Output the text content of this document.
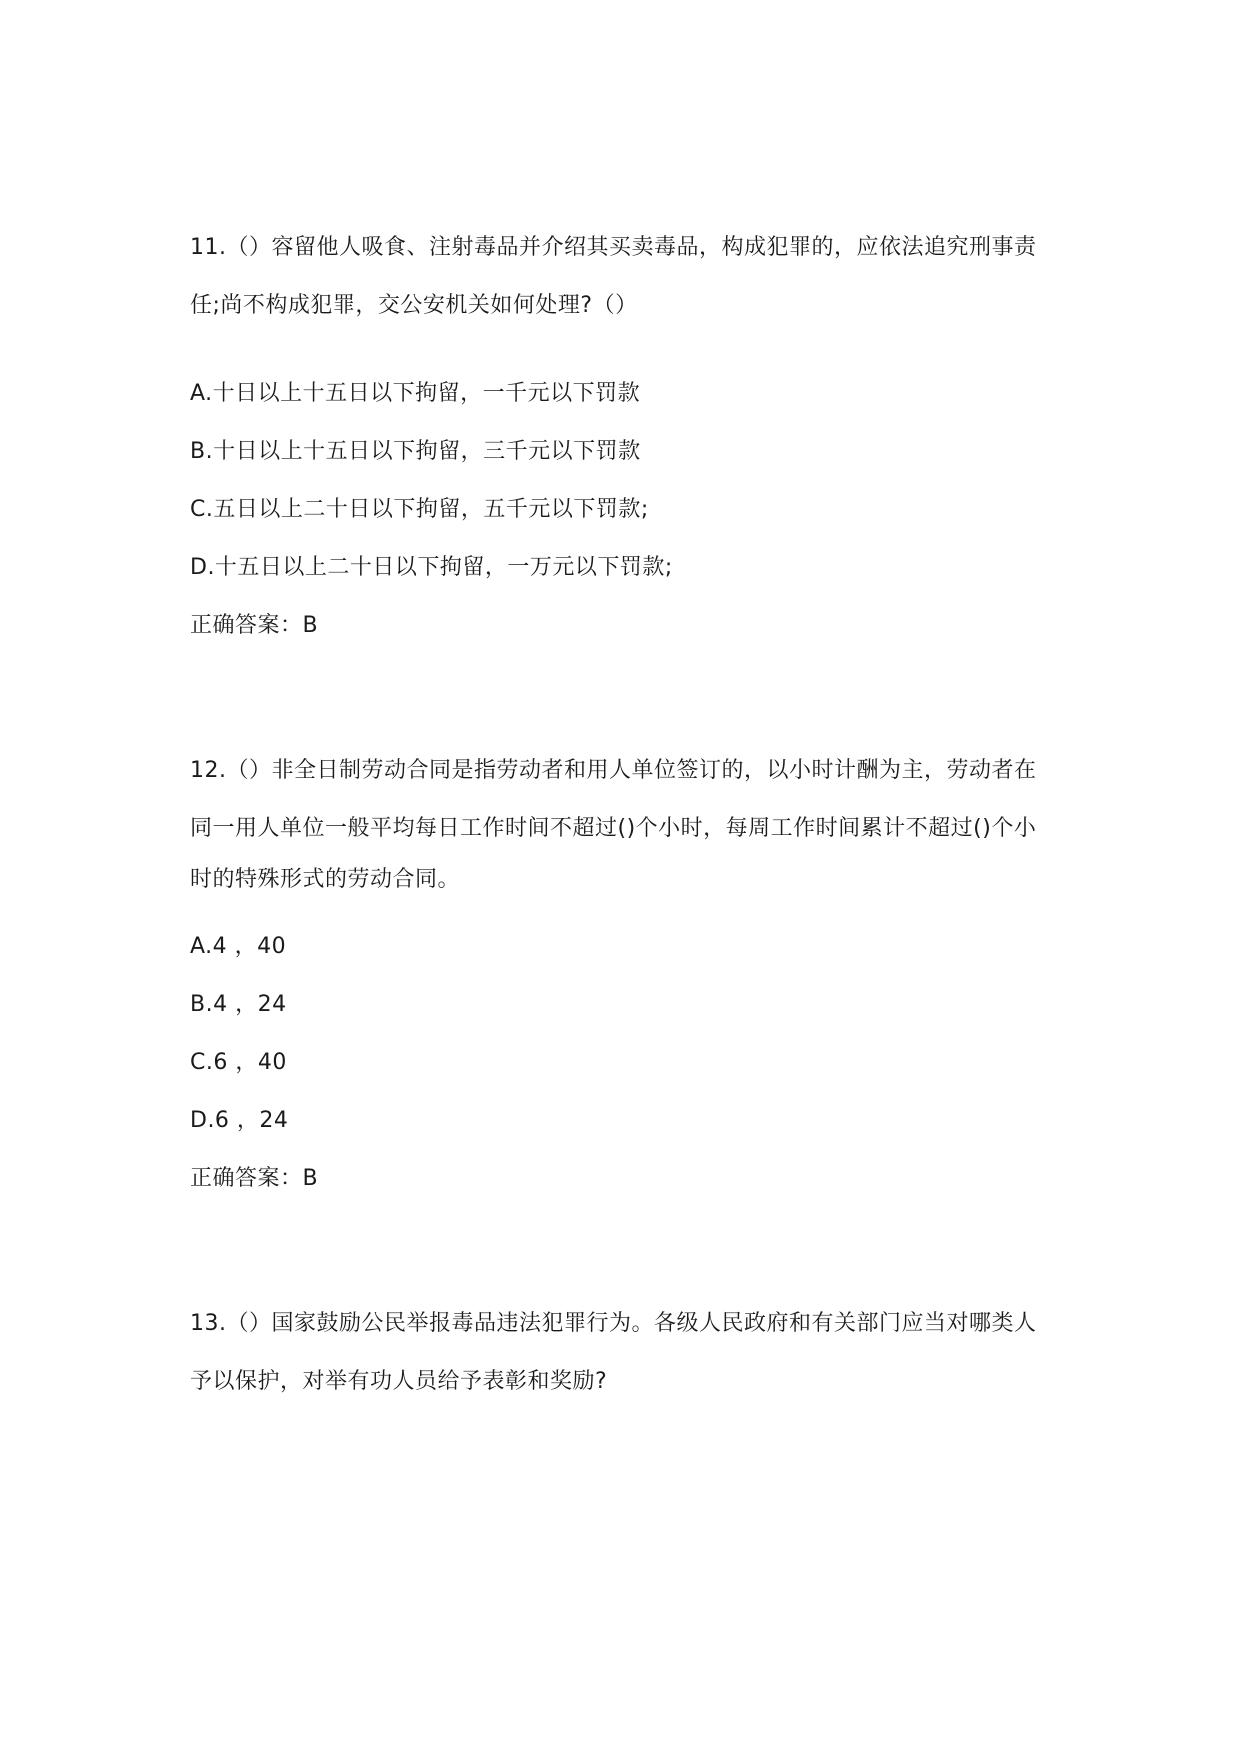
11.（）容留他人吸食、注射毒品并介绍其买卖毒品，构成犯罪的，应依法追究刑事责
任;尚不构成犯罪，交公安机关如何处理?（）
A.十日以上十五日以下拘留，一千元以下罚款
B.十日以上十五日以下拘留，三千元以下罚款
C.五日以上二十日以下拘留，五千元以下罚款;
D.十五日以上二十日以下拘留，一万元以下罚款;
正确答案：B
12.（）非全日制劳动合同是指劳动者和用人单位签订的，以小时计酬为主，劳动者在
同一用人单位一般平均每日工作时间不超过()个小时，每周工作时间累计不超过()个小
时的特殊形式的劳动合同。
A.4 ，40
B.4 ，24
C.6 ，40
D.6 ，24
正确答案：B
13.（）国家鼓励公民举报毒品违法犯罪行为。各级人民政府和有关部门应当对哪类人
予以保护，对举有功人员给予表彰和奖励?
